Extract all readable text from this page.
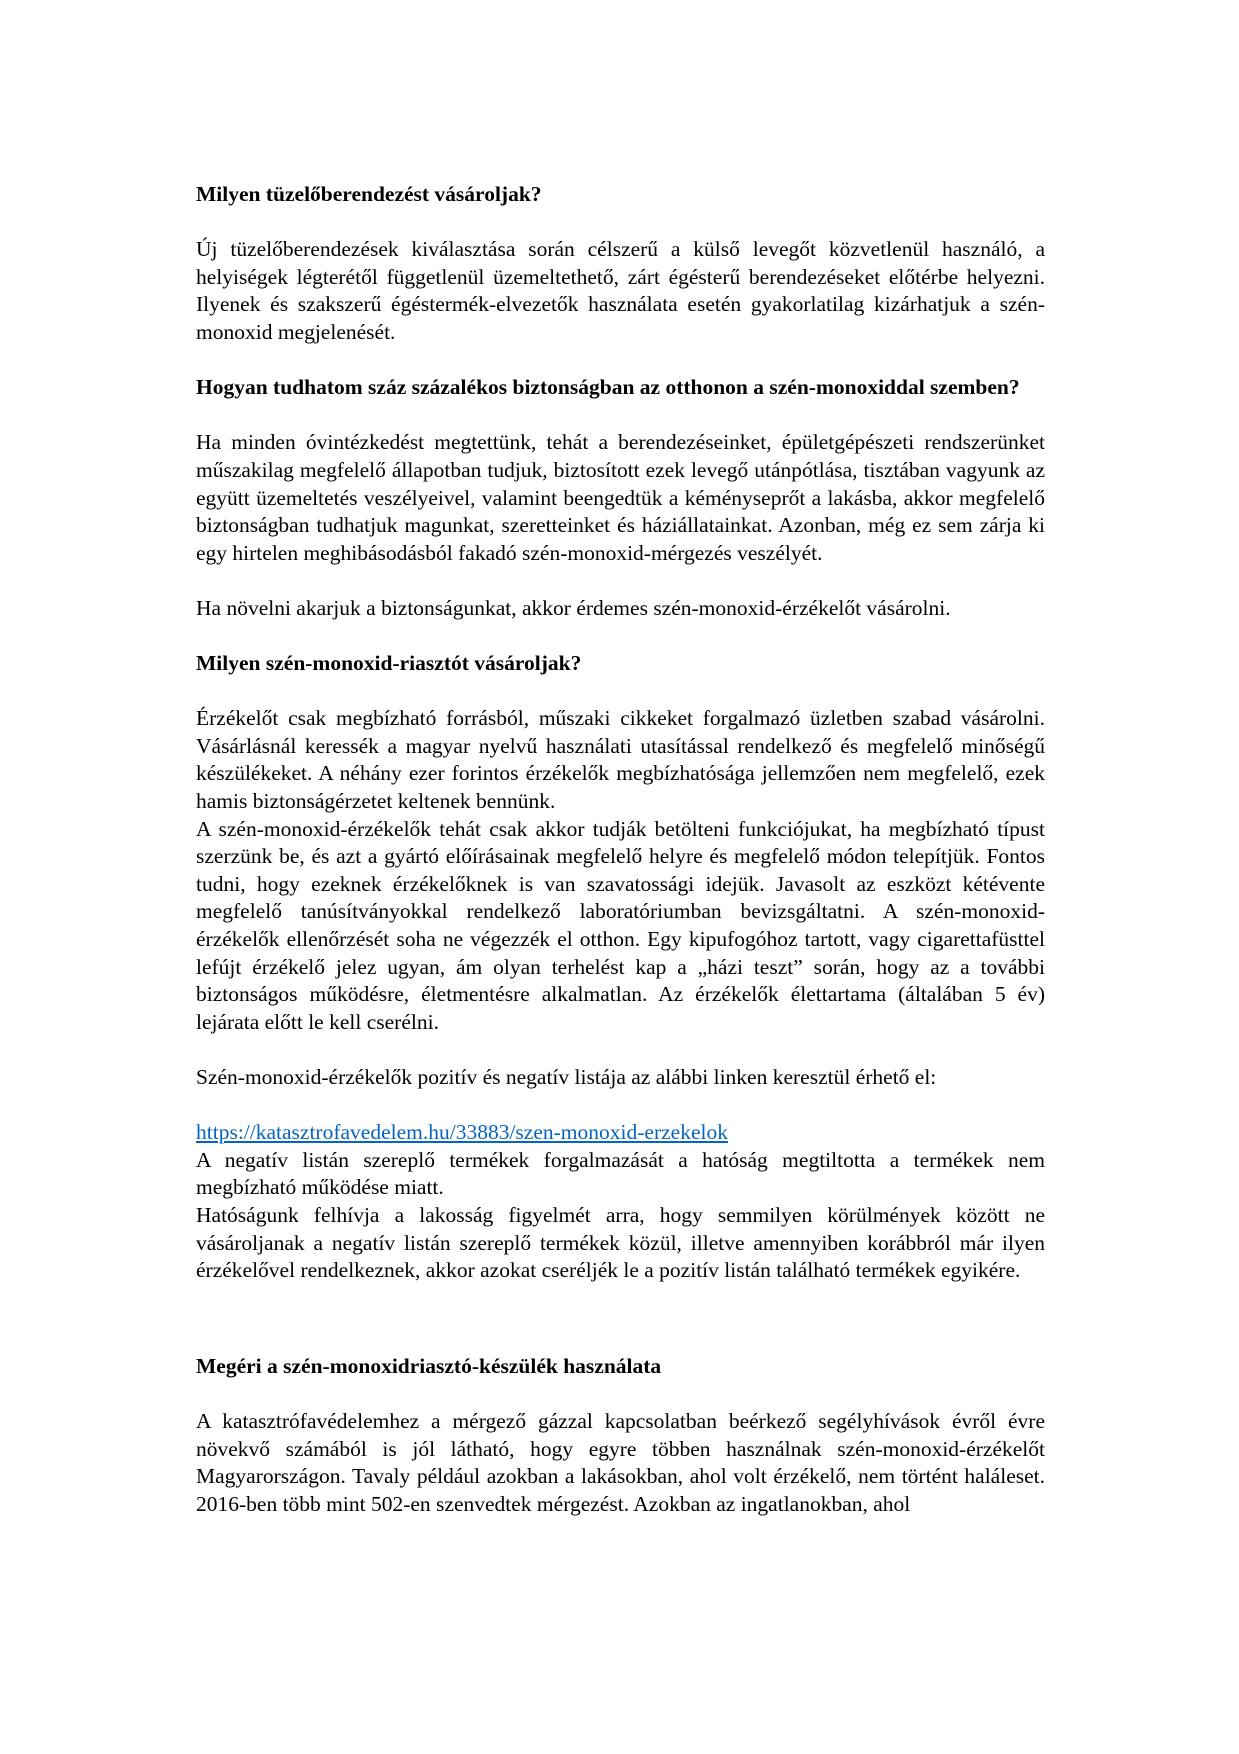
Milyen tüzelőberendezést vásároljak?

Új tüzelőberendezések kiválasztása során célszerű a külső levegőt közvetlenül használó, a helyiségek légterétől függetlenül üzemeltethető, zárt égésterű berendezéseket előtérbe helyezni. Ilyenek és szakszerű égéstermék-elvezetők használata esetén gyakorlatilag kizárhatjuk a szén-monoxid megjelenését.

Hogyan tudhatom száz százalékos biztonságban az otthonon a szén-monoxiddal szemben?

Ha minden óvintézkedést megtettünk, tehát a berendezéseinket, épületgépészeti rendszerünket műszakilag megfelelő állapotban tudjuk, biztosított ezek levegő utánpótlása, tisztában vagyunk az együtt üzemeltetés veszélyeivel, valamint beengedtük a kéményseprőt a lakásba, akkor megfelelő biztonságban tudhatjuk magunkat, szeretteinket és háziállatainkat. Azonban, még ez sem zárja ki egy hirtelen meghibásodásból fakadó szén-monoxid-mérgezés veszélyét.

Ha növelni akarjuk a biztonságunkat, akkor érdemes szén-monoxid-érzékelőt vásárolni.

Milyen szén-monoxid-riasztót vásároljak?

Érzékelőt csak megbízható forrásból, műszaki cikkeket forgalmazó üzletben szabad vásárolni. Vásárlásnál keressék a magyar nyelvű használati utasítással rendelkező és megfelelő minőségű készülékeket. A néhány ezer forintos érzékelők megbízhatósága jellemzően nem megfelelő, ezek hamis biztonságérzetet keltenek bennünk.

A szén-monoxid-érzékelők tehát csak akkor tudják betölteni funkciójukat, ha megbízható típust szerzünk be, és azt a gyártó előírásainak megfelelő helyre és megfelelő módon telepítjük. Fontos tudni, hogy ezeknek érzékelőknek is van szavatossági idejük. Javasolt az eszközt kétévente megfelelő tanúsítványokkal rendelkező laboratóriumban bevizsgáltatni. A szén-monoxid-érzékelők ellenőrzését soha ne végezzék el otthon. Egy kipufogóhoz tartott, vagy cigarettafüsttel lefújt érzékelő jelez ugyan, ám olyan terhelést kap a „házi teszt” során, hogy az a további biztonságos működésre, életmentésre alkalmatlan. Az érzékelők élettartama (általában 5 év) lejárata előtt le kell cserélni.

Szén-monoxid-érzékelők pozitív és negatív listája az alábbi linken keresztül érhető el:

https://katasztrofavedelem.hu/33883/szen-monoxid-erzekelok

A negatív listán szereplő termékek forgalmazását a hatóság megtiltotta a termékek nem megbízható működése miatt.

Hatóságunk felhívja a lakosság figyelmét arra, hogy semmilyen körülmények között ne vásároljanak a negatív listán szereplő termékek közül, illetve amennyiben korábbról már ilyen érzékelővel rendelkeznek, akkor azokat cseréljék le a pozitív listán található termékek egyikére.

Megéri a szén-monoxidriasztó-készülék használata

A katasztrófavédelemhez a mérgező gázzal kapcsolatban beérkező segélyhívások évről évre növekvő számából is jól látható, hogy egyre többen használnak szén-monoxid-érzékelőt Magyarországon. Tavaly például azokban a lakásokban, ahol volt érzékelő, nem történt haláleset. 2016-ben több mint 502-en szenvedtek mérgezést. Azokban az ingatlanokban, ahol
